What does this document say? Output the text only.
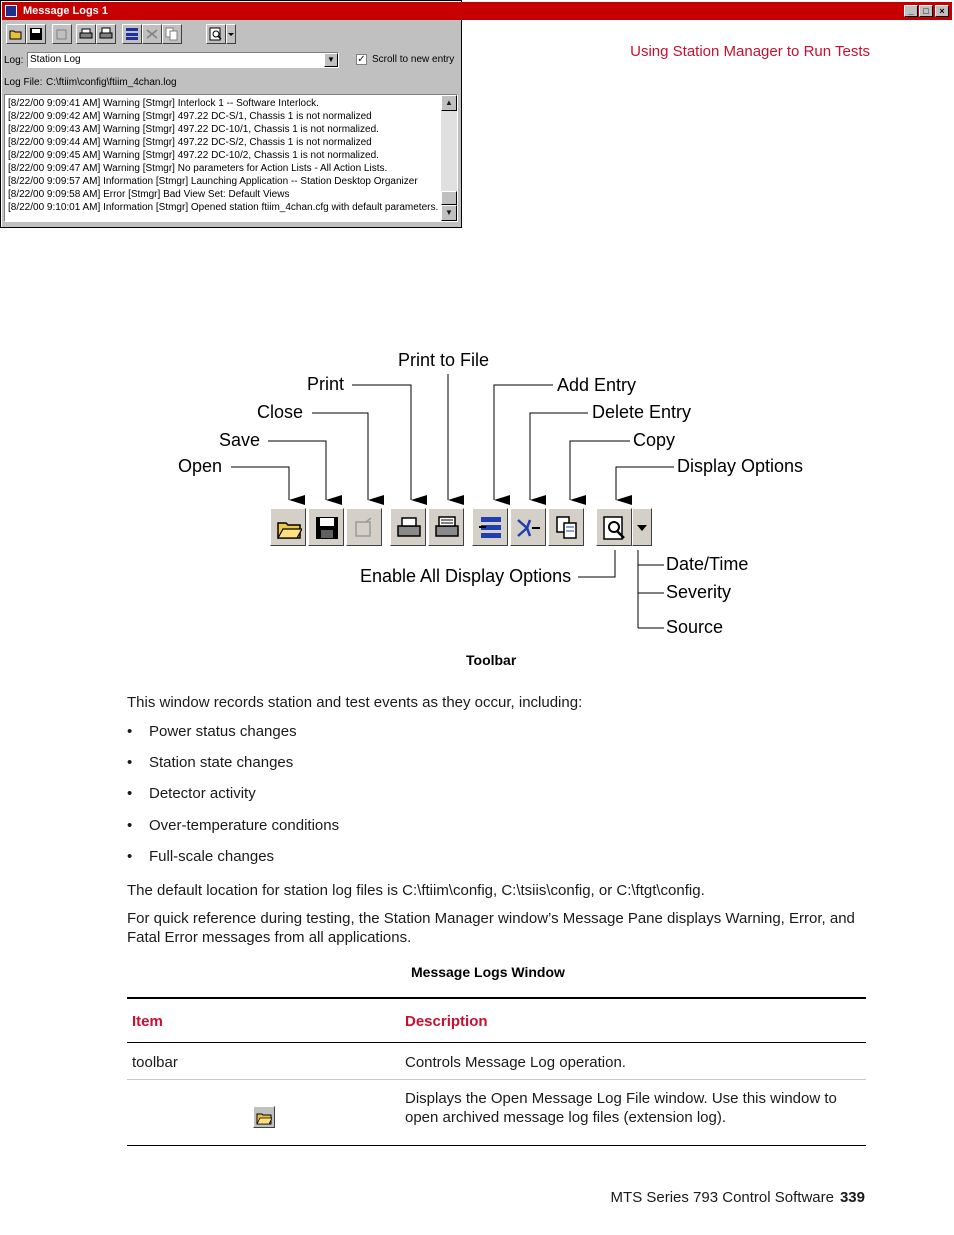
Using Station Manager to Run Tests
Message Logs 1	_	□	×
Log: Station Log	▼	✓ Scroll to new entry
Log File: C:\ftiim\config\ftiim_4chan.log
[8/22/00 9:09:41 AM] Warning [Stmgr] Interlock 1 -- Software Interlock.
[8/22/00 9:09:42 AM] Warning [Stmgr] 497.22 DC-S/1, Chassis 1 is not normalized
[8/22/00 9:09:43 AM] Warning [Stmgr] 497.22 DC-10/1, Chassis 1 is not normalized.
[8/22/00 9:09:44 AM] Warning [Stmgr] 497.22 DC-S/2, Chassis 1 is not normalized
[8/22/00 9:09:45 AM] Warning [Stmgr] 497.22 DC-10/2, Chassis 1 is not normalized.
[8/22/00 9:09:47 AM] Warning [Stmgr] No parameters for Action Lists - All Action Lists.
[8/22/00 9:09:57 AM] Information [Stmgr] Launching Application -- Station Desktop Organizer
[8/22/00 9:09:58 AM] Error [Stmgr] Bad View Set: Default Views
[8/22/00 9:10:01 AM] Information [Stmgr] Opened station ftiim_4chan.cfg with default parameters.
▲
▼
Print to File
Print	Add Entry
Close	Delete Entry
Save	Copy
Open	Display Options
Enable All Display Options
Date/Time
Severity
Source
Toolbar
This window records station and test events as they occur, including:
• Power status changes
• Station state changes
• Detector activity
• Over-temperature conditions
• Full-scale changes
The default location for station log files is C:\ftiim\config, C:\tsiis\config, or C:\ftgt\config.
For quick reference during testing, the Station Manager window’s Message Pane displays Warning, Error, and Fatal Error messages from all applications.
Message Logs Window
Item	Description
toolbar	Controls Message Log operation.
Displays the Open Message Log File window. Use this window to open archived message log files (extension log).
MTS Series 793 Control Software 339
